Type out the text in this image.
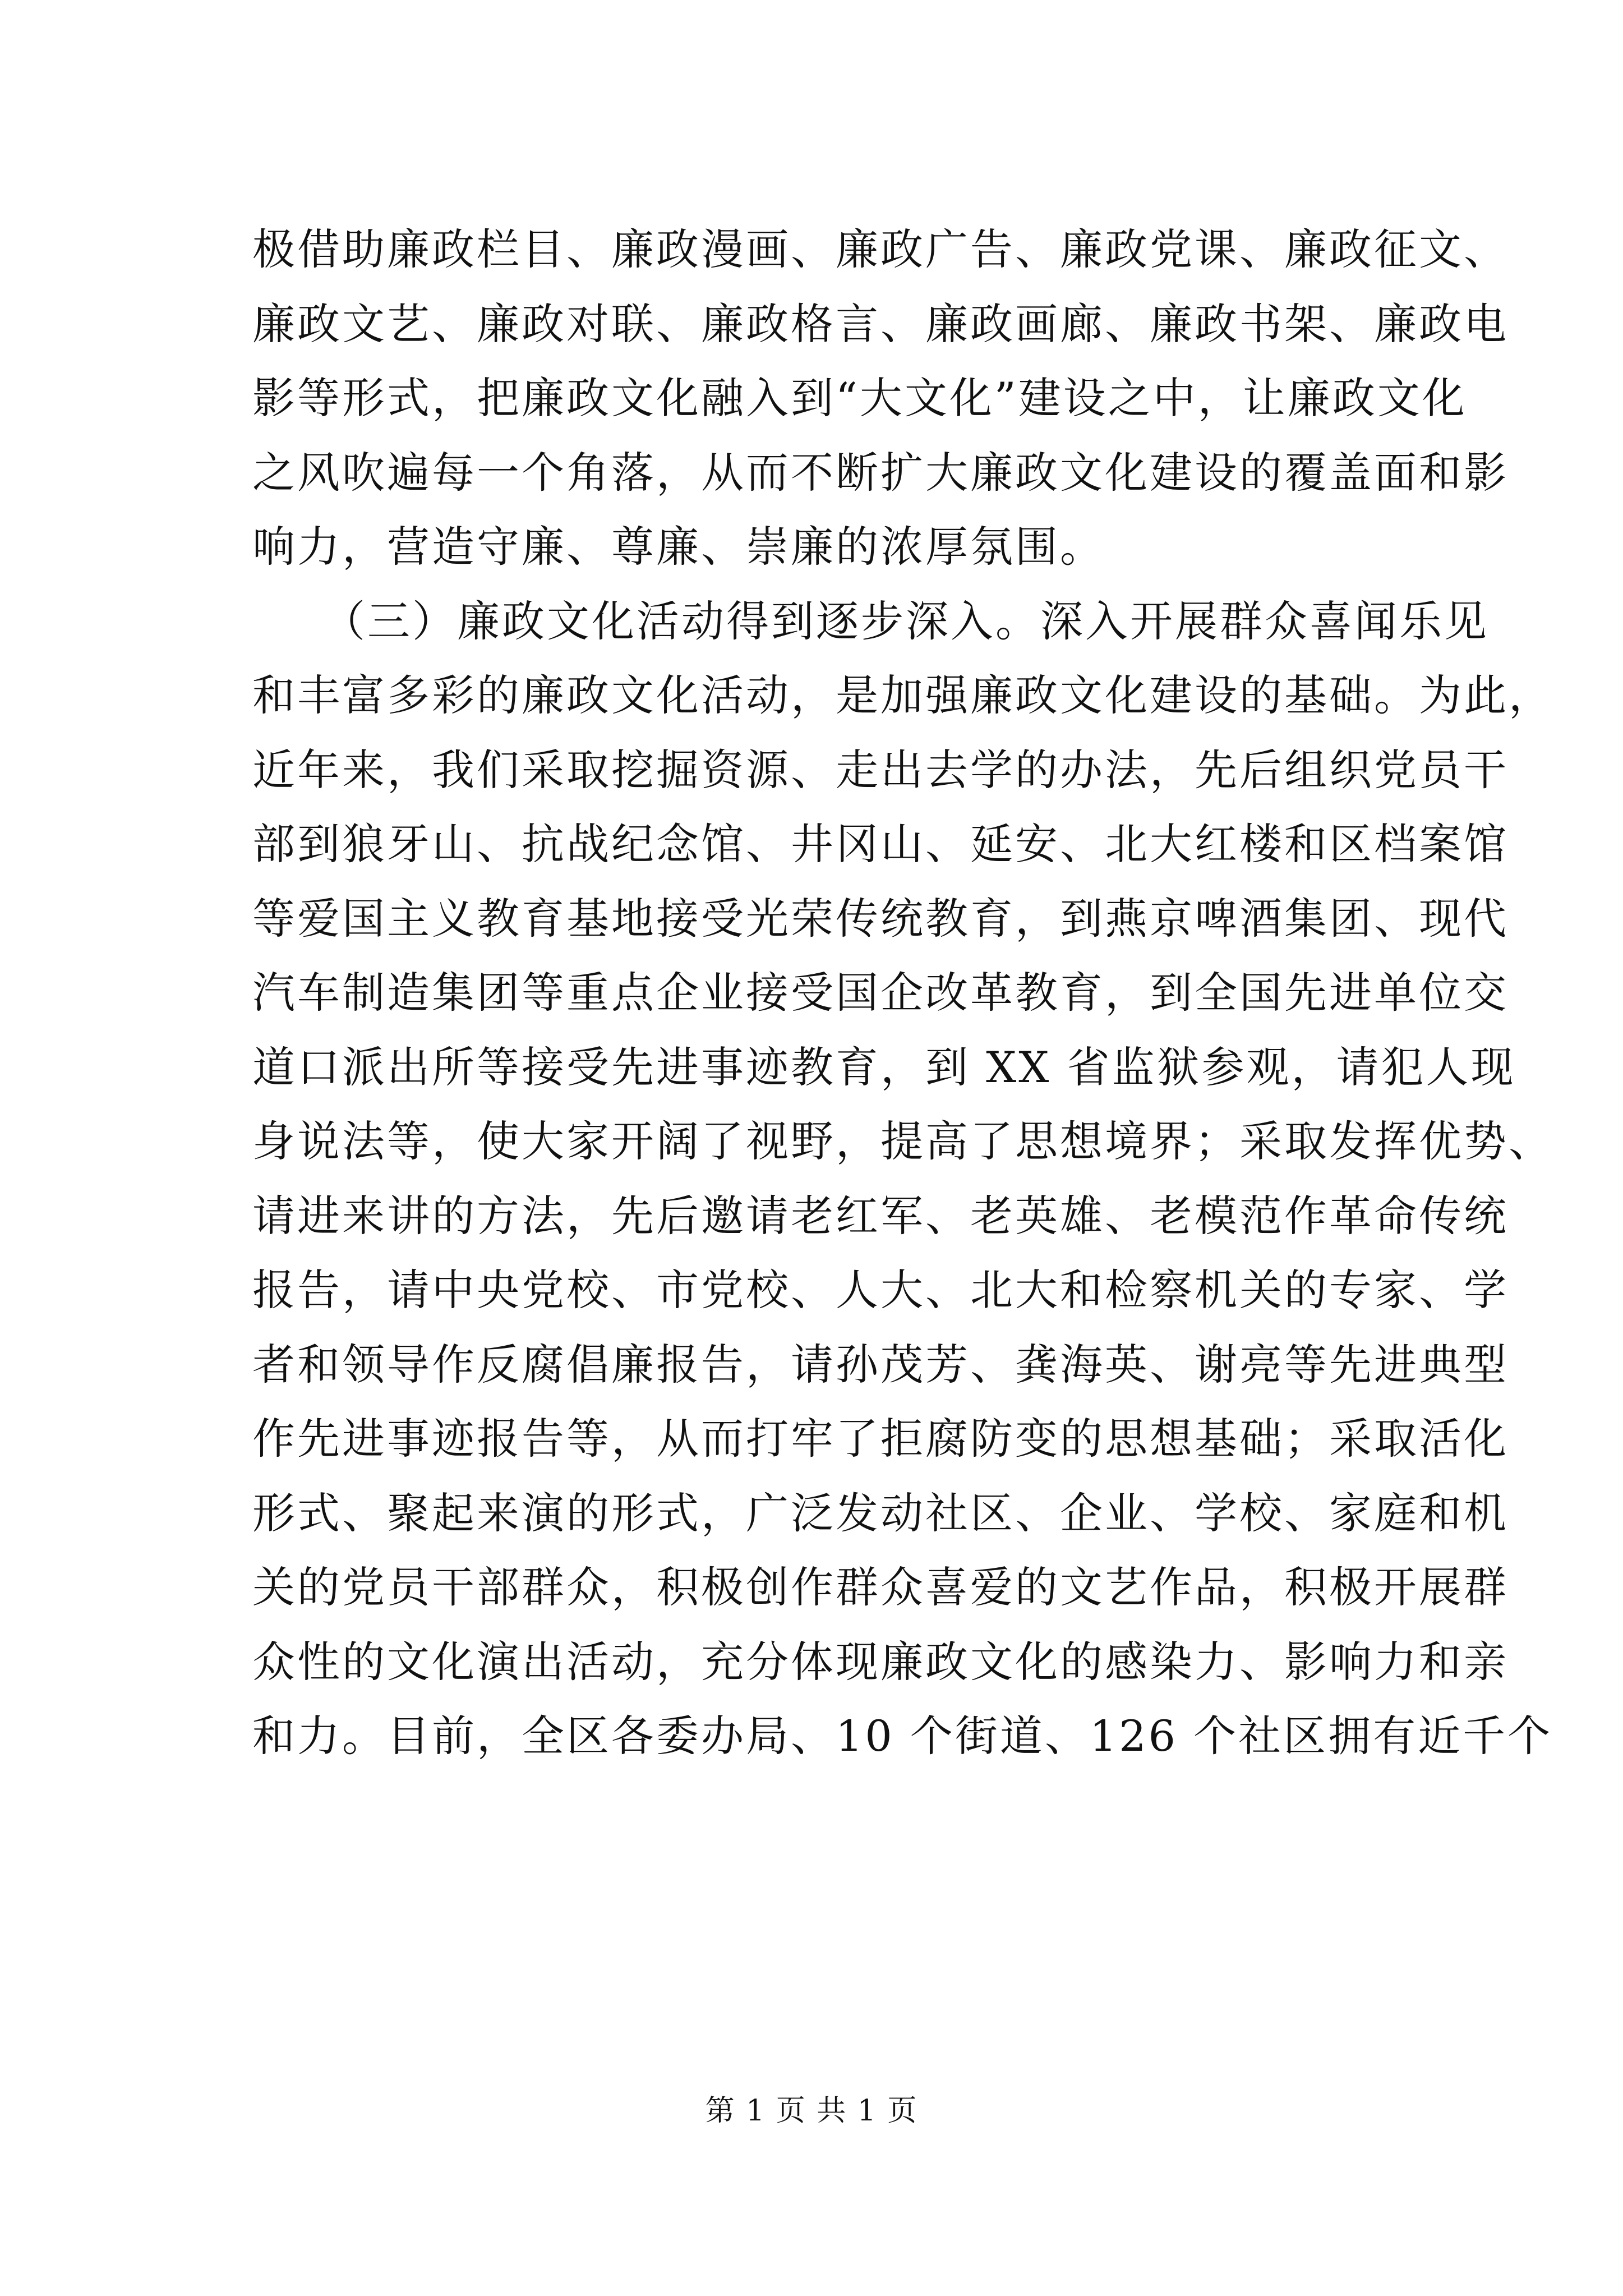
极借助廉政栏目、廉政漫画、廉政广告、廉政党课、廉政征文、
廉政文艺、廉政对联、廉政格言、廉政画廊、廉政书架、廉政电
影等形式，把廉政文化融入到“大文化”建设之中，让廉政文化
之风吹遍每一个角落，从而不断扩大廉政文化建设的覆盖面和影
响力，营造守廉、尊廉、崇廉的浓厚氛围。
（三）廉政文化活动得到逐步深入。深入开展群众喜闻乐见
和丰富多彩的廉政文化活动，是加强廉政文化建设的基础。为此，
近年来，我们采取挖掘资源、走出去学的办法，先后组织党员干
部到狼牙山、抗战纪念馆、井冈山、延安、北大红楼和区档案馆
等爱国主义教育基地接受光荣传统教育，到燕京啤酒集团、现代
汽车制造集团等重点企业接受国企改革教育，到全国先进单位交
道口派出所等接受先进事迹教育，到 XX 省监狱参观，请犯人现
身说法等，使大家开阔了视野，提高了思想境界；采取发挥优势、
请进来讲的方法，先后邀请老红军、老英雄、老模范作革命传统
报告，请中央党校、市党校、人大、北大和检察机关的专家、学
者和领导作反腐倡廉报告，请孙茂芳、龚海英、谢亮等先进典型
作先进事迹报告等，从而打牢了拒腐防变的思想基础；采取活化
形式、聚起来演的形式，广泛发动社区、企业、学校、家庭和机
关的党员干部群众，积极创作群众喜爱的文艺作品，积极开展群
众性的文化演出活动，充分体现廉政文化的感染力、影响力和亲
和力。目前，全区各委办局、10 个街道、126 个社区拥有近千个
第 1 页 共 1 页
